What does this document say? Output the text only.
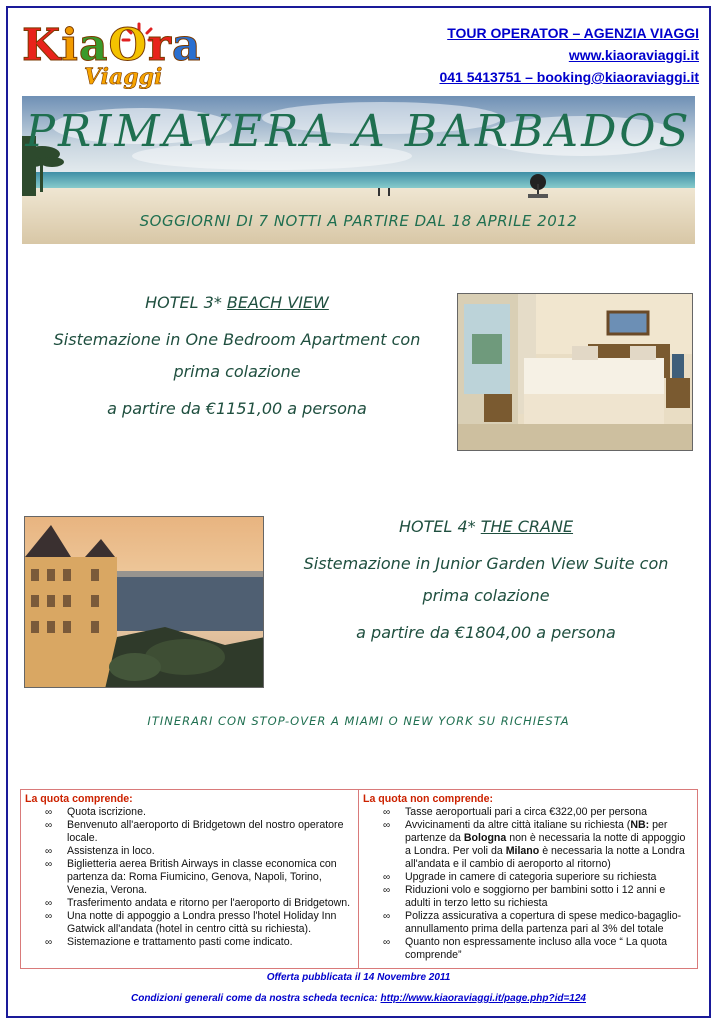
KiaOra
Viaggi
TOUR OPERATOR – AGENZIA VIAGGI
www.kiaoraviaggi.it
041 5413751 – booking@kiaoraviaggi.it
PRIMAVERA A BARBADOS
SOGGIORNI DI 7 NOTTI A PARTIRE DAL 18 APRILE 2012
HOTEL 3* BEACH VIEW
Sistemazione in One Bedroom Apartment con
prima colazione
a partire da €1151,00 a persona
HOTEL 4* THE CRANE
Sistemazione in Junior Garden View Suite con
prima colazione
a partire da €1804,00 a persona
ITINERARI CON STOP-OVER A MIAMI O NEW YORK SU RICHIESTA
La quota comprende:
∞ Quota iscrizione.
∞ Benvenuto all'aeroporto di Bridgetown del nostro operatore locale.
∞ Assistenza in loco.
∞ Biglietteria aerea British Airways in classe economica con partenza da: Roma Fiumicino, Genova, Napoli, Torino, Venezia, Verona.
∞ Trasferimento andata e ritorno per l'aeroporto di Bridgetown.
∞ Una notte di appoggio a Londra presso l'hotel Holiday Inn Gatwick all'andata (hotel in centro città su richiesta).
∞ Sistemazione e trattamento pasti come indicato.
La quota non comprende:
∞ Tasse aeroportuali pari a circa €322,00 per persona
∞ Avvicinamenti da altre città italiane su richiesta (NB: per partenze da Bologna non è necessaria la notte di appoggio a Londra. Per voli da Milano è necessaria la notte a Londra all'andata e il cambio di aeroporto al ritorno)
∞ Upgrade in camere di categoria superiore su richiesta
∞ Riduzioni volo e soggiorno per bambini sotto i 12 anni e adulti in terzo letto su richiesta
∞ Polizza assicurativa a copertura di spese medico-bagaglio-annullamento prima della partenza pari al 3% del totale
∞ Quanto non espressamente incluso alla voce “ La quota comprende”
Offerta pubblicata il 14 Novembre 2011
Condizioni generali come da nostra scheda tecnica: http://www.kiaoraviaggi.it/page.php?id=124
